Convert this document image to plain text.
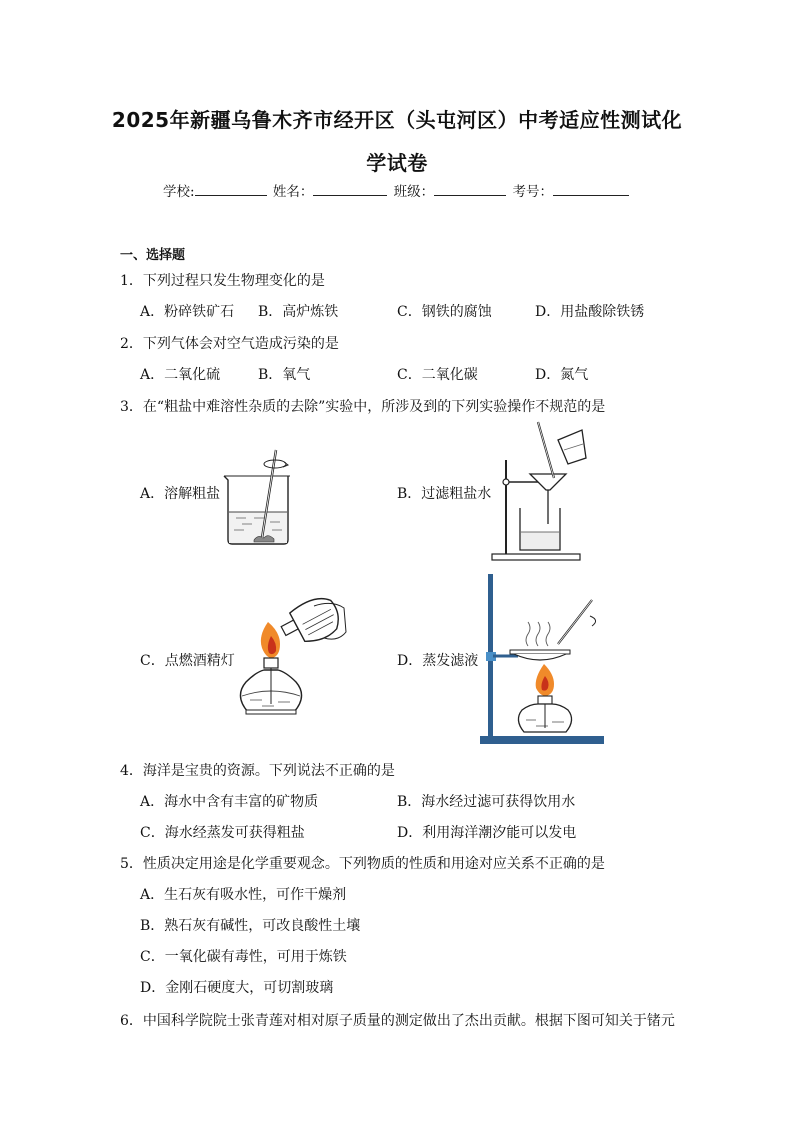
2025年新疆乌鲁木齐市经开区（头屯河区）中考适应性测试化
学试卷
学校:	姓名：	班级：	考号：
一、选择题
1．下列过程只发生物理变化的是
A．粉碎铁矿石 B．高炉炼铁	C．钢铁的腐蚀	D．用盐酸除铁锈
2．下列气体会对空气造成污染的是
A．二氧化硫	B．氧气	C．二氧化碳	D．氮气
3．在“粗盐中难溶性杂质的去除”实验中，所涉及到的下列实验操作不规范的是
A．溶解粗盐	B．过滤粗盐水
C．点燃酒精灯	D．蒸发滤液
4．海洋是宝贵的资源。下列说法不正确的是
A．海水中含有丰富的矿物质	B．海水经过滤可获得饮用水
C．海水经蒸发可获得粗盐	D．利用海洋潮汐能可以发电
5．性质决定用途是化学重要观念。下列物质的性质和用途对应关系不正确的是
A．生石灰有吸水性，可作干燥剂
B．熟石灰有碱性，可改良酸性土壤
C．一氧化碳有毒性，可用于炼铁
D．金刚石硬度大，可切割玻璃
6．中国科学院院士张青莲对相对原子质量的测定做出了杰出贡献。根据下图可知关于锗元
